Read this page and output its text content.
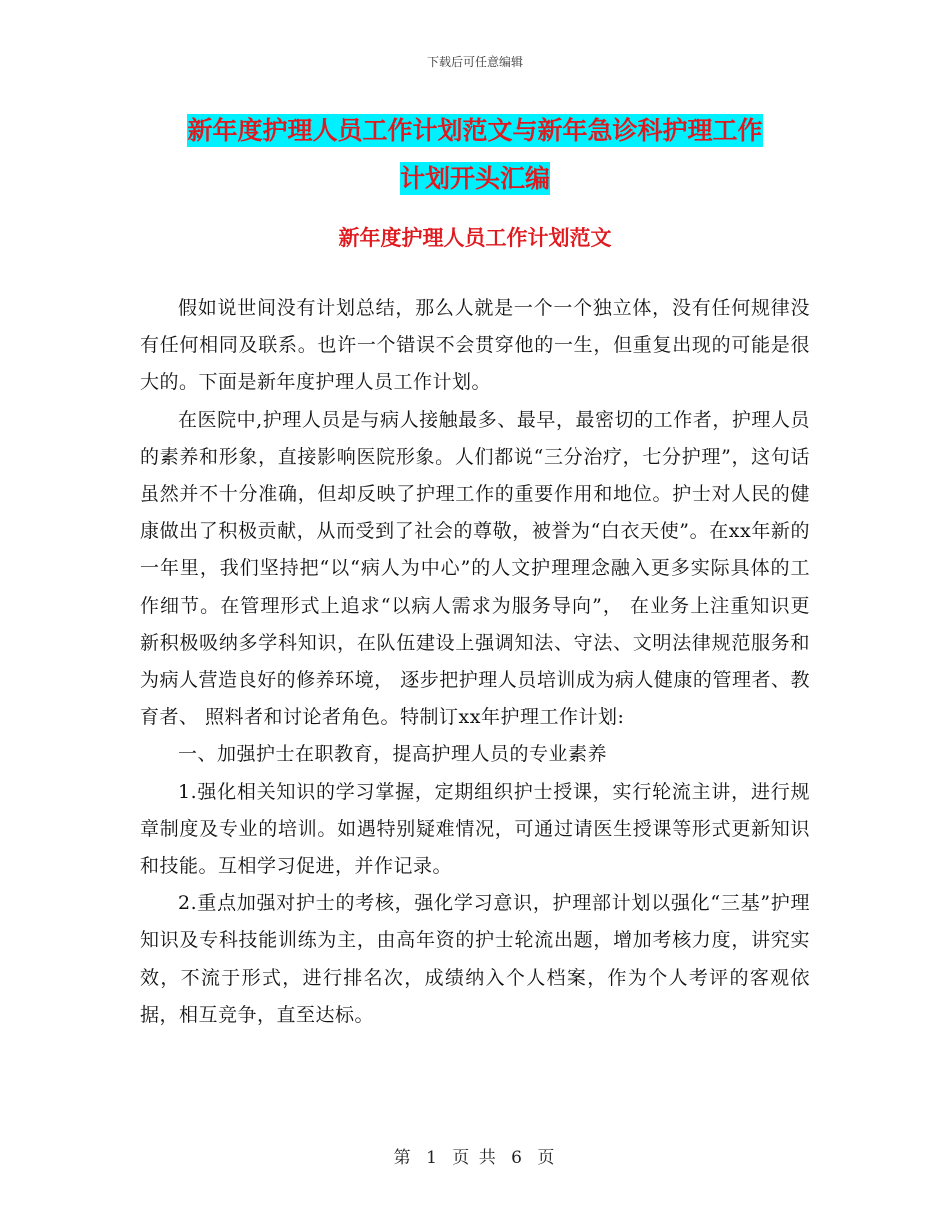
下载后可任意编辑
新年度护理人员工作计划范文与新年急诊科护理工作
计划开头汇编
新年度护理人员工作计划范文

假如说世间没有计划总结，那么人就是一个一个独立体，没有任何规律没有任何相同及联系。也许一个错误不会贯穿他的一生，但重复出现的可能是很大的。下面是新年度护理人员工作计划。

在医院中,护理人员是与病人接触最多、最早，最密切的工作者，护理人员的素养和形象，直接影响医院形象。人们都说“三分治疗，七分护理”，这句话虽然并不十分准确，但却反映了护理工作的重要作用和地位。护士对人民的健康做出了积极贡献，从而受到了社会的尊敬，被誉为“白衣天使”。在xx年新的一年里，我们坚持把“以“病人为中心”的人文护理理念融入更多实际具体的工作细节。在管理形式上追求“以病人需求为服务导向”， 在业务上注重知识更新积极吸纳多学科知识，在队伍建设上强调知法、守法、文明法律规范服务和为病人营造良好的修养环境， 逐步把护理人员培训成为病人健康的管理者、教育者、 照料者和讨论者角色。特制订xx年护理工作计划:

一、加强护士在职教育，提高护理人员的专业素养

1.强化相关知识的学习掌握，定期组织护士授课，实行轮流主讲，进行规章制度及专业的培训。如遇特别疑难情况，可通过请医生授课等形式更新知识和技能。互相学习促进，并作记录。

2.重点加强对护士的考核，强化学习意识，护理部计划以强化“三基”护理知识及专科技能训练为主，由高年资的护士轮流出题，增加考核力度，讲究实效，不流于形式，进行排名次，成绩纳入个人档案，作为个人考评的客观依据，相互竞争，直至达标。

第 1 页 共 6 页
